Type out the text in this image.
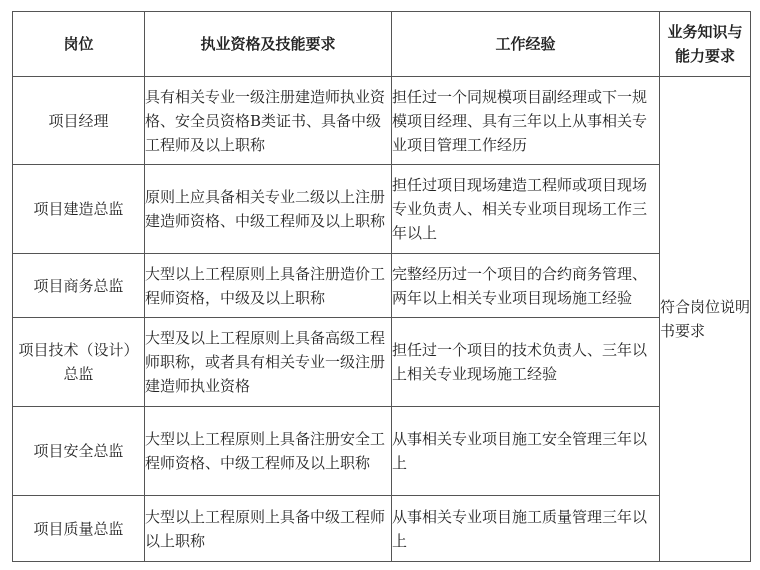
岗位	执业资格及技能要求	工作经验	业务知识与
能力要求
项目经理	具有相关专业一级注册建造师执业资格、安全员资格B类证书、具备中级工程师及以上职称	担任过一个同规模项目副经理或下一规模项目经理、具有三年以上从事相关专业项目管理工作经历	符合岗位说明书要求
项目建造总监	原则上应具备相关专业二级以上注册建造师资格、中级工程师及以上职称	担任过项目现场建造工程师或项目现场专业负责人、相关专业项目现场工作三年以上	
项目商务总监	大型以上工程原则上具备注册造价工程师资格，中级及以上职称	完整经历过一个项目的合约商务管理、两年以上相关专业项目现场施工经验	
项目技术（设计）总监	大型及以上工程原则上具备高级工程师职称，或者具有相关专业一级注册建造师执业资格	担任过一个项目的技术负责人、三年以上相关专业现场施工经验	
项目安全总监	大型以上工程原则上具备注册安全工程师资格、中级工程师及以上职称	从事相关专业项目施工安全管理三年以上	
项目质量总监	大型以上工程原则上具备中级工程师以上职称	从事相关专业项目施工质量管理三年以上	
